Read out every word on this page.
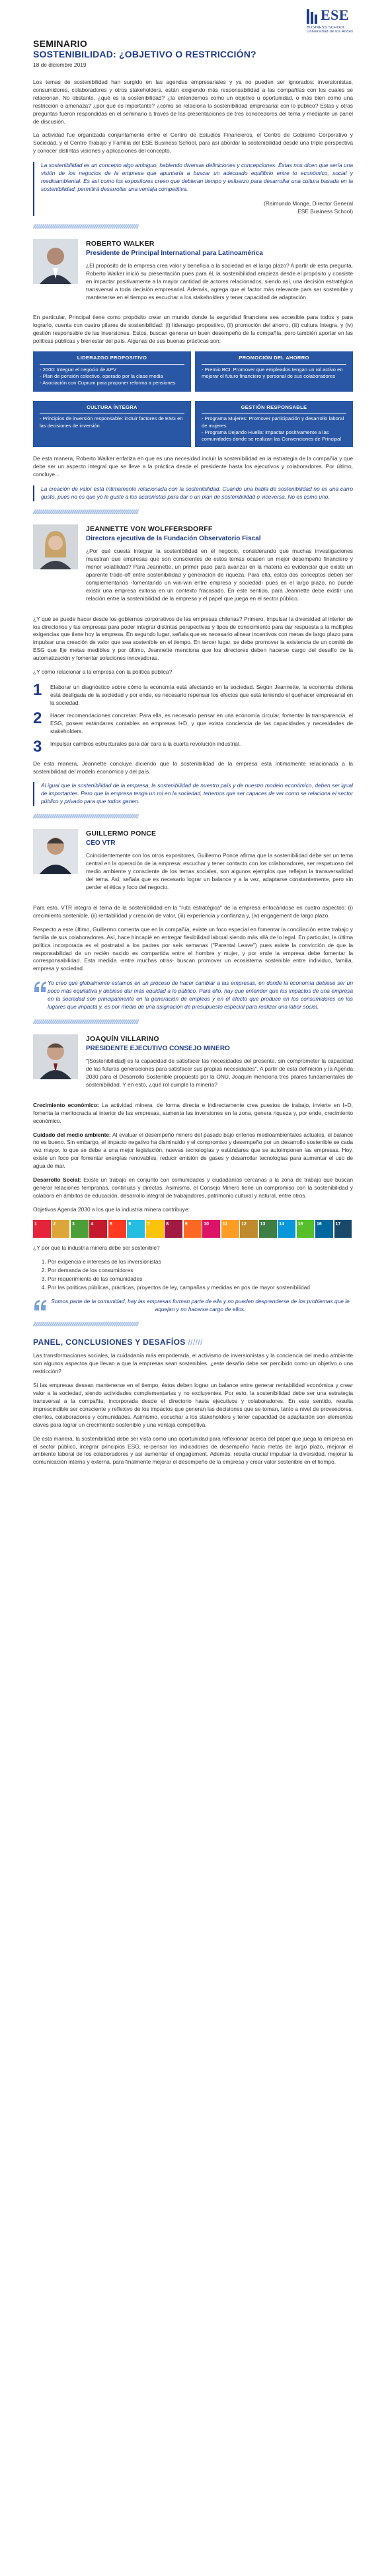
ESE
BUSINESS SCHOOL
Universidad de los Andes
SEMINARIO
SOSTENIBILIDAD: ¿OBJETIVO O RESTRICCIÓN?
18 de diciembre 2019

Los temas de sostenibilidad han surgido en las agendas empresariales y ya no pueden ser ignorados: inversionistas, consumidores, colaboradores y otros stakeholders, están exigiendo más responsabilidad a las compañías con los cuales se relacionan. No obstante, ¿qué es la sostenibilidad? ¿la entendemos como un objetivo u oportunidad, o más bien como una restricción o amenaza? ¿por qué es importante? ¿cómo se relaciona la sostenibilidad empresarial con lo público? Estas y otras preguntas fueron respondidas en el seminario a través de las presentaciones de tres conocedores del tema y mediante un panel de discusión.

La actividad fue organizada conjuntamente entre el Centro de Estudios Financieros, el Centro de Gobierno Corporativo y Sociedad, y el Centro Trabajo y Familia del ESE Business School, para así abordar la sostenibilidad desde una triple perspectiva y conocer distintas visiones y aplicaciones del concepto.

La sostenibilidad es un concepto algo ambiguo, habiendo diversas definiciones y concepciones. Éstas nos dicen que sería una visión de los negocios de la empresa que apuntaría a buscar un adecuado equilibrio entre lo económico, social y medioambiental. Es así como los expositores creen que debieran tiempo y esfuerzo para desarrollar una cultura basada en la sostenibilidad, permitirá desarrollar una ventaja competitiva.
(Raimundo Monge, Director General
ESE Business School)
//////////////////////////////////////////////////////////////////////////////////////////////////////////
ROBERTO WALKER
Presidente de Principal International para Latinoamérica

¿El propósito de la empresa crea valor y beneficia a la sociedad en el largo plazo? A partir de esta pregunta, Roberto Walker inició su presentación pues para él, la sostenibilidad empieza desde el propósito y consiste en impactar positivamente a la mayor cantidad de actores relacionados, siendo así, una decisión estratégica transversal a toda decisión empresarial. Además, agrega que el factor más relevante para ser sostenible y mantenerse en el tiempo es escuchar a los stakeholders y tener capacidad de adaptación.

En particular, Principal tiene como propósito crear un mundo donde la seguridad financiera sea accesible para todos y para lograrlo, cuenta con cuatro pilares de sostenibilidad: (i) liderazgo propositivo, (ii) promoción del ahorro, (iii) cultura íntegra, y (iv) gestión responsable de las inversiones. Estos, buscan generar un buen desempeño de la compañía, pero también aportar en las políticas públicas y bienestar del país. Algunas de sus buenas prácticas son:

LIDERAZGO PROPOSITIVO
- 2000: Integrar el negocio de APV
- Plan de pensión colectivo, operado por la clase media
- Asociación con Cuprum para proponer reforma a pensiones
PROMOCIÓN DEL AHORRO
- Premio BCI: Promover que empleados tengan un rol activo en mejorar el futuro financiero y personal de sus colaboradores
CULTURA ÍNTEGRA
- Principios de inversión responsable: incluir factores de ESG en las decisiones de inversión
GESTIÓN RESPONSABLE
- Programa Mujeres: Promover participación y desarrollo laboral de mujeres
- Programa Dejando Huella: impactar positivamente a las comunidades donde se realizan las Convenciones de Principal

De esta manera, Roberto Walker enfatiza en que es una necesidad incluir la sostenibilidad en la estrategia de la compañía y que debe ser un aspecto integral que se lleve a la práctica desde el presidente hasta los ejecutivos y colaboradores. Por último, concluye...

La creación de valor está íntimamente relacionada con la sostenibilidad. Cuando una habla de sostenibilidad no es una carro gusto, pues no es que yo le guste a los accionistas para dar o un plan de sostenibilidad o viceversa. No es como uno.
//////////////////////////////////////////////////////////////////////////////////////////////////////////
JEANNETTE VON WOLFFERSDORFF
Directora ejecutiva de la Fundación Observatorio Fiscal

¿Por qué cuesta integrar la sostenibilidad en el negocio, considerando que muchas investigaciones muestran que empresas que son conscientes de estos temas ocasen un mejor desempeño financiero y menor volatilidad? Para Jeannette, un primer paso para avanzar en la materia es evidenciar que existe un aparente trade-off entre sostenibilidad y generación de riqueza. Para ella, estos dos conceptos deben ser complementarios -fomentando un win-win entre empresa y sociedad- pues en el largo plazo, no puede existir una empresa exitosa en un contexto fracasado. En este sentido, para Jeannette debe existir una relación entre la sostenibilidad de la empresa y el papel que juega en el sector público.

¿Y qué se puede hacer desde los gobiernos corporativos de las empresas chilenas? Primero, impulsar la diversidad al interior de los directorios y las empresas para poder integrar distintas perspectivas y tipos de conocimiento para dar respuesta a la múltiples exigencias que tiene hoy la empresa. En segundo lugar, señala que es necesario alinear incentivos con metas de largo plazo para impulsar una creación de valor que sea sostenible en el tiempo. En tercer lugar, se debe promover la existencia de un comité de ESG que fije metas medibles y por último, Jeannette menciona que los directores deben hacerse cargo del desafío de la automatización y fomentar soluciones innovadoras.

¿Y cómo relacionar a la empresa con la política pública?

1	Elaborar un diagnóstico sobre cómo la economía está afectando en la sociedad. Según Jeannette, la economía chilena está desligada de la sociedad y por ende, es necesario repensar los efectos que está teniendo el quehacer empresarial en la sociedad.
2	Hacer recomendaciones concretas: Para ella, es necesario pensar en una economía circular, fomentar la transparencia, el ESG, poseer estándares contables en empresas I+D, y que exista conciencia de las capacidades y necesidades de stakeholders.
3	Impulsar cambios estructurales para dar cara a la cuarta revolución industrial.

De esta manera, Jeannette concluye diciendo que la sostenibilidad de la empresa está íntimamente relacionada a la sostenibilidad del modelo económico y del país.

Al igual que la sostenibilidad de la empresa, la sostenibilidad de nuestro país y de nuestro modelo económico, deben ser igual de importantes. Pero que la empresa tenga un rol en la sociedad, tenemos que ser capaces de ver como se relaciona el sector público y privado para que todos ganen.
//////////////////////////////////////////////////////////////////////////////////////////////////////////
GUILLERMO PONCE
CEO VTR

Coincidentemente con los otros expositores, Guillermo Ponce afirma que la sostenibilidad debe ser un tema central en la operación de la empresa: escuchar y tener contacto con los colaboradores, ser respetuoso del medio ambiente y consciente de los temas sociales, son algunos ejemplos que reflejan la transversalidad del tema. Así, señala que es necesario lograr un balance y a la vez, adaptarse constantemente, pero sin perder el ética y foco del negocio.

Para esto, VTR integra el tema de la sostenibilidad en la "ruta estratégica" de la empresa enfocándose en cuatro aspectos: (i) crecimiento sostenible, (ii) rentabilidad y creación de valor, (iii) experiencia y confianza y, (iv) engagement de largo plazo.

Respecto a este último, Guillermo comenta que en la compañía, existe un foco especial en fomentar la conciliación entre trabajo y familia de sus colaboradores. Así, hace hincapié en entregar flexibilidad laboral siendo más allá de lo legal. En particular, la última política incorporada es el postnatal a los padres por seis semanas ("Parental Leave") pues existe la convicción de que la responsabilidad de un recién nacido es compartida entre el hombre y mujer, y por ende la empresa debe fomentar la corresponsabilidad. Esta medida -entre muchas otras- buscan promover un ecosistema sostenible entre individuo, familia, empresa y sociedad.

Yo creo que globalmente estamos en un proceso de hacer cambiar a las empresas, en donde la economía debiese ser un poco más equitativa y debiese dar más equidad a lo público. Para ello, hay que entender que los impactos de una empresa en la sociedad son principalmente en la generación de empleos y en el efecto que produce en los consumidores en los lugares que impacta y, es por medio de una asignación de presupuesto especial para realizar una labor social.
//////////////////////////////////////////////////////////////////////////////////////////////////////////
JOAQUÍN VILLARINO
PRESIDENTE EJECUTIVO CONSEJO MINERO

"[Sostenibilidad] es la capacidad de satisfacer las necesidades del presente, sin comprometer la capacidad de las futuras generaciones para satisfacer sus propias necesidades". A partir de esta definición y la Agenda 2030 para el Desarrollo Sostenible propuesto por la ONU, Joaquín menciona tres pilares fundamentales de sostenibilidad. Y en esto, ¿qué rol cumple la minería?

Crecimiento económico: La actividad minera, de forma directa e indirectamente crea puestos de trabajo, invierte en I+D, fomenta la meritocracia al interior de las empresas, aumenta las inversiones en la zona, genera riqueza y, por ende, crecimiento económico.

Cuidado del medio ambiente: Al evaluar el desempeño minero del pasado bajo criterios medioambientales actuales, el balance no es bueno. Sin embargo, el impacto negativo ha disminuido y el compromiso y desempeño por un desarrollo sostenible se cada vez mayor, lo que se debe a una mejor legislación, nuevas tecnologías y estándares que se autoimponen las empresas. Hoy, existe un foco por fomentar energías renovables, reducir emisión de gases y desarrollar tecnologías para aumentar el uso de agua de mar.

Desarrollo Social: Existe un trabajo en conjunto con comunidades y ciudadanías cercanas a la zona de trabajo que buscan generar relaciones tempranas, continuas y directas. Asimismo, el Consejo Minero tiene un compromiso con la sostenibilidad y colabora en ámbitos de educación, desarrollo integral de trabajadores, patrimonio cultural y natural, entre otros.

Objetivos Agenda 2030 a los que la industria minera contribuye:

1	2	3	4	5	6	7	8	9	10	11	12	13	14	15	16	17

¿Y por qué la industria minera debe ser sostenible?

1. Por exigencia e intereses de los inversionistas
2. Por demanda de los consumidores
3. Por requerimiento de las comunidades
4. Por las políticas públicas, prácticas, proyectos de ley, campañas y medidas en pos de mayor sostenibilidad
Somos parte de la comunidad, hay las empresas forman parte de ella y no pueden desprenderse de los problemas que le aquejan y no hacerse cargo de ellos.
//////////////////////////////////////////////////////////////////////////////////////////////////////////
PANEL, CONCLUSIONES Y DESAFÍOS //////

Las transformaciones sociales, la cuidadanía más empoderada, el activismo de inversionistas y la conciencia del medio ambiente son algunos aspectos que llevan a que la empresas sean sostenibles. ¿este desafío debe ser percibido como un objetivo o una restricción?

Si las empresas desean mantenerse en el tiempo, éstos deben lograr un balance entre generar rentabilidad económica y crear valor a la sociedad, siendo actividades complementarias y no excluyentes. Por esto, la sostenibilidad debe ser una estrategia transversal a la compañía, incorporada desde el directorio hasta ejecutivos y colaboradores. En este sentido, resulta imprescindible ser consciente y reflexivo de los impactos que generan las decisiones que se toman, tanto a nivel de proveedores, clientes, colaboradores y comunidades. Asimismo, escuchar a los stakeholders y tener capacidad de adaptación son elementos claves para lograr un crecimiento sostenible y una ventaja competitiva.

De esta manera, la sostenibilidad debe ser vista como una oportunidad para reflexionar acerca del papel que juega la empresa en el sector público, integrar principios ESG, re-pensar los indicadores de desempeño hacia metas de largo plazo, mejorar el ambiente laboral de los colaboradores y así aumentar el engagement. Además, resulta crucial impulsar la diversidad, mejorar la comunicación interna y externa, para finalmente mejorar el desempeño de la empresa y crear valor sostenible en el tiempo.
